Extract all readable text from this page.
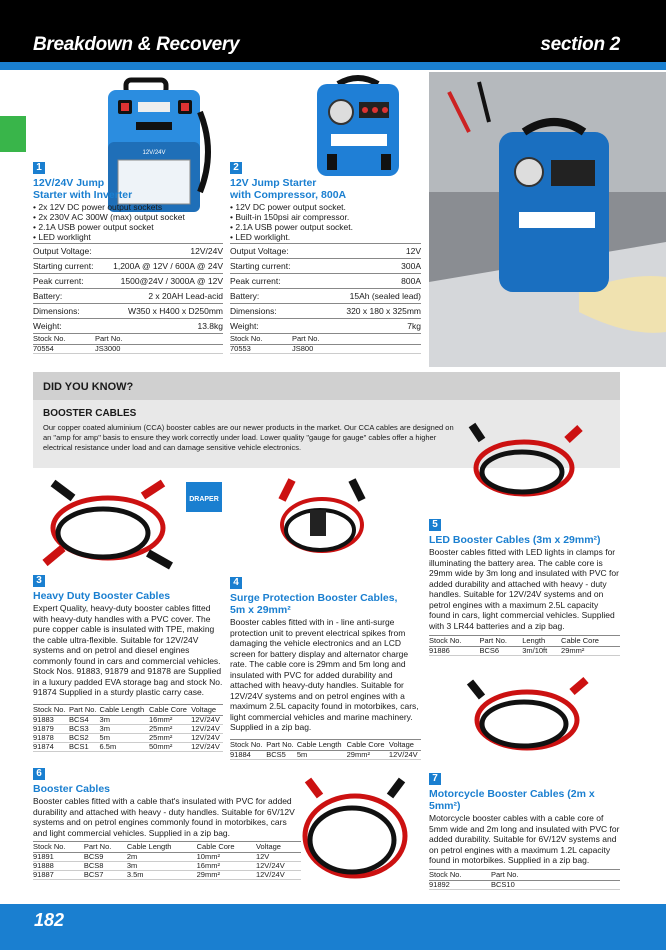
Breakdown & Recovery	section 2
12V/24V
1
12V/24V Jump
Starter with Inverter
• 2x 12V DC power output sockets
• 2x 230V AC 300W (max) output socket
• 2.1A USB power output socket
• LED worklight
Output Voltage:	12V/24V
Starting current:	1,200A @ 12V / 600A @ 24V
Peak current:	1500@24V / 3000A @ 12V
Battery:	2 x 20AH Lead-acid
Dimensions:	W350 x H400 x D250mm
Weight:	13.8kg
Stock No.	Part No.
70554	JS3000
2
12V Jump Starter
with Compressor, 800A
• 12V DC power output socket.
• Built-in 150psi air compressor.
• 2.1A USB power output socket.
• LED worklight.
Output Voltage:	12V
Starting current:	300A
Peak current:	800A
Battery:	15Ah (sealed lead)
Dimensions:	320 x 180 x 325mm
Weight:	7kg
Stock No.	Part No.
70553	JS800
DID YOU KNOW?
BOOSTER CABLES
Our copper coated aluminium (CCA) booster cables are our newer products in the market. Our CCA cables are designed on an "amp for amp" basis to ensure they work correctly under load. Lower quality "gauge for gauge" cables offer a higher electrical resistance under load and can damage sensitive vehicle electronics.
DRAPER
3
Heavy Duty Booster Cables
Expert Quality, heavy-duty booster cables fitted with heavy-duty handles with a PVC cover. The pure copper cable is insulated with TPE, making the cable ultra-flexible. Suitable for 12V/24V systems and on petrol and diesel engines commonly found in cars and commercial vehicles. Stock Nos. 91883, 91879 and 91878 are Supplied in a luxury padded EVA storage bag and stock No. 91874 Supplied in a sturdy plastic carry case.
Stock No.	Part No.	Cable Length	Cable Core	Voltage
91883	BCS4	3m	16mm²	12V/24V
91879	BCS3	3m	25mm²	12V/24V
91878	BCS2	5m	25mm²	12V/24V
91874	BCS1	6.5m	50mm²	12V/24V
4
Surge Protection Booster Cables,
5m x 29mm²
Booster cables fitted with in - line anti-surge protection unit to prevent electrical spikes from damaging the vehicle electronics and an LCD screen for battery display and alternator charge rate. The cable core is 29mm and 5m long and insulated with PVC for added durability and attached with heavy-duty handles. Suitable for 12V/24V systems and on petrol engines with a maximum 2.5L capacity found in motorbikes, cars, light commercial vehicles and marine machinery. Supplied in a zip bag.
Stock No.	Part No.	Cable Length	Cable Core	Voltage
91884	BCS5	5m	29mm²	12V/24V
5
LED Booster Cables (3m x 29mm²)
Booster cables fitted with LED lights in clamps for illuminating the battery area. The cable core is 29mm wide by 3m long and insulated with PVC for added durability and attached with heavy - duty handles. Suitable for 12V/24V systems and on petrol engines with a maximum 2.5L capacity found in cars, light commercial vehicles. Supplied with 3 LR44 batteries and a zip bag.
Stock No.	Part No.	Length	Cable Core
91886	BCS6	3m/10ft	29mm²
6
Booster Cables
Booster cables fitted with a cable that's insulated with PVC for added durability and attached with heavy - duty handles. Suitable for 6V/12V systems and on petrol engines commonly found in motorbikes, cars and light commercial vehicles. Supplied in a zip bag.
Stock No.	Part No.	Cable Length	Cable Core	Voltage
91891	BCS9	2m	10mm²	12V
91888	BCS8	3m	16mm²	12V/24V
91887	BCS7	3.5m	29mm²	12V/24V
7
Motorcycle Booster Cables (2m x 5mm²)
Motorcycle booster cables with a cable core of 5mm wide and 2m long and insulated with PVC for added durability. Suitable for 6V/12V systems and on petrol engines with a maximum 1.2L capacity found in motorbikes. Supplied in a zip bag.
Stock No.	Part No.
91892	BCS10
182
